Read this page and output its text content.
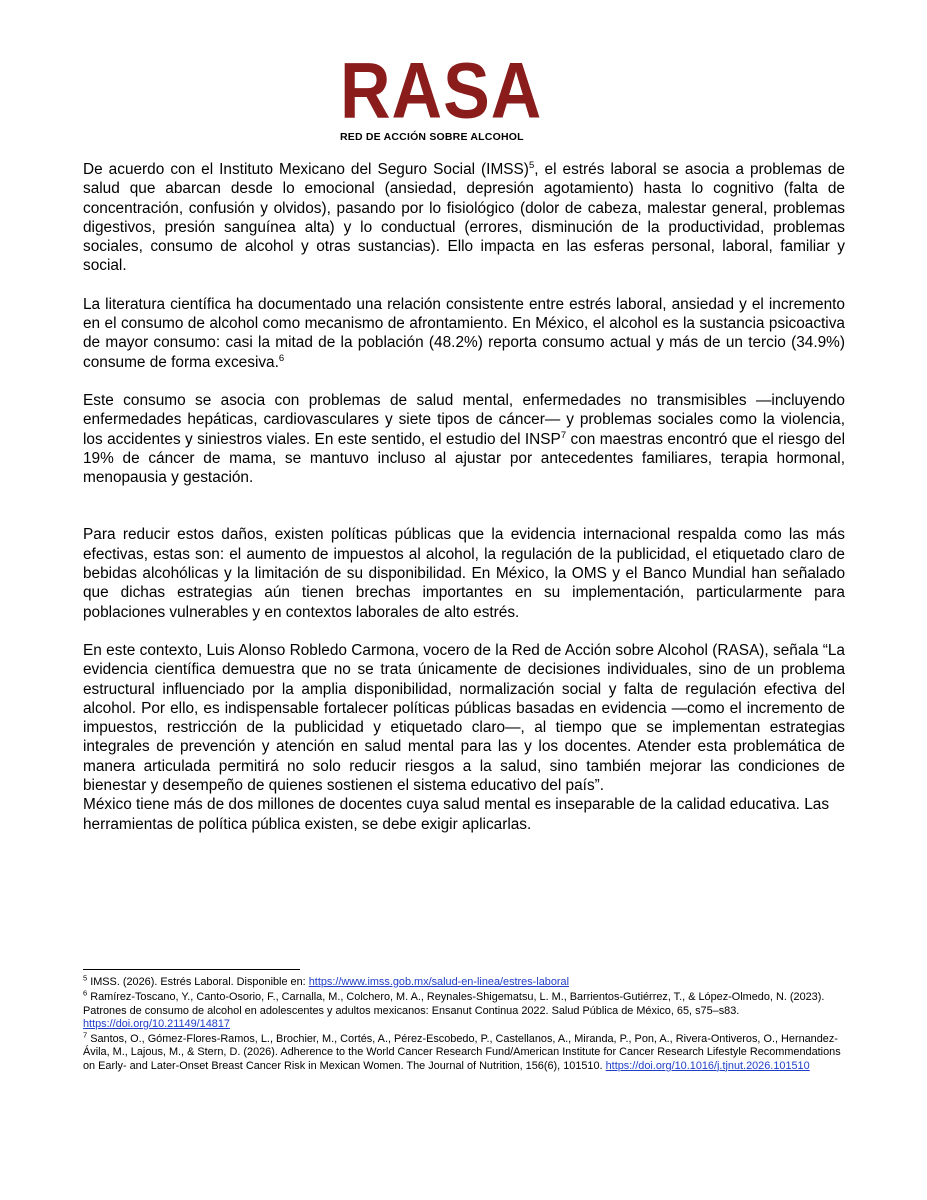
RASA
RED DE ACCIÓN SOBRE ALCOHOL

De acuerdo con el Instituto Mexicano del Seguro Social (IMSS)$^5$, el estrés laboral se asocia a problemas de salud que abarcan desde lo emocional (ansiedad, depresión agotamiento) hasta lo cognitivo (falta de concentración, confusión y olvidos), pasando por lo fisiológico (dolor de cabeza, malestar general, problemas digestivos, presión sanguínea alta) y lo conductual (errores, disminución de la productividad, problemas sociales, consumo de alcohol y otras sustancias). Ello impacta en las esferas personal, laboral, familiar y social.

La literatura científica ha documentado una relación consistente entre estrés laboral, ansiedad y el incremento en el consumo de alcohol como mecanismo de afrontamiento. En México, el alcohol es la sustancia psicoactiva de mayor consumo: casi la mitad de la población (48.2%) reporta consumo actual y más de un tercio (34.9%) consume de forma excesiva.$^6$

Este consumo se asocia con problemas de salud mental, enfermedades no transmisibles —incluyendo enfermedades hepáticas, cardiovasculares y siete tipos de cáncer— y problemas sociales como la violencia, los accidentes y siniestros viales. En este sentido, el estudio del INSP$^7$ con maestras encontró que el riesgo del 19% de cáncer de mama, se mantuvo incluso al ajustar por antecedentes familiares, terapia hormonal, menopausia y gestación.

Para reducir estos daños, existen políticas públicas que la evidencia internacional respalda como las más efectivas, estas son: el aumento de impuestos al alcohol, la regulación de la publicidad, el etiquetado claro de bebidas alcohólicas y la limitación de su disponibilidad. En México, la OMS y el Banco Mundial han señalado que dichas estrategias aún tienen brechas importantes en su implementación, particularmente para poblaciones vulnerables y en contextos laborales de alto estrés.

En este contexto, Luis Alonso Robledo Carmona, vocero de la Red de Acción sobre Alcohol (RASA), señala “La evidencia científica demuestra que no se trata únicamente de decisiones individuales, sino de un problema estructural influenciado por la amplia disponibilidad, normalización social y falta de regulación efectiva del alcohol. Por ello, es indispensable fortalecer políticas públicas basadas en evidencia —como el incremento de impuestos, restricción de la publicidad y etiquetado claro—, al tiempo que se implementan estrategias integrales de prevención y atención en salud mental para las y los docentes. Atender esta problemática de manera articulada permitirá no solo reducir riesgos a la salud, sino también mejorar las condiciones de bienestar y desempeño de quienes sostienen el sistema educativo del país”.

México tiene más de dos millones de docentes cuya salud mental es inseparable de la calidad educativa. Las herramientas de política pública existen, se debe exigir aplicarlas.

$^5$ IMSS. (2026). Estrés Laboral. Disponible en: https://www.imss.gob.mx/salud-en-linea/estres-laboral

$^6$ Ramírez-Toscano, Y., Canto-Osorio, F., Carnalla, M., Colchero, M. A., Reynales-Shigematsu, L. M., Barrientos-Gutiérrez, T., & López-Olmedo, N. (2023). Patrones de consumo de alcohol en adolescentes y adultos mexicanos: Ensanut Continua 2022. Salud Pública de México, 65, s75–s83. https://doi.org/10.21149/14817

$^7$ Santos, O., Gómez-Flores-Ramos, L., Brochier, M., Cortés, A., Pérez-Escobedo, P., Castellanos, A., Miranda, P., Pon, A., Rivera-Ontiveros, O., Hernandez-Ávila, M., Lajous, M., & Stern, D. (2026). Adherence to the World Cancer Research Fund/American Institute for Cancer Research Lifestyle Recommendations on Early- and Later-Onset Breast Cancer Risk in Mexican Women. The Journal of Nutrition, 156(6), 101510. https://doi.org/10.1016/j.tjnut.2026.101510
